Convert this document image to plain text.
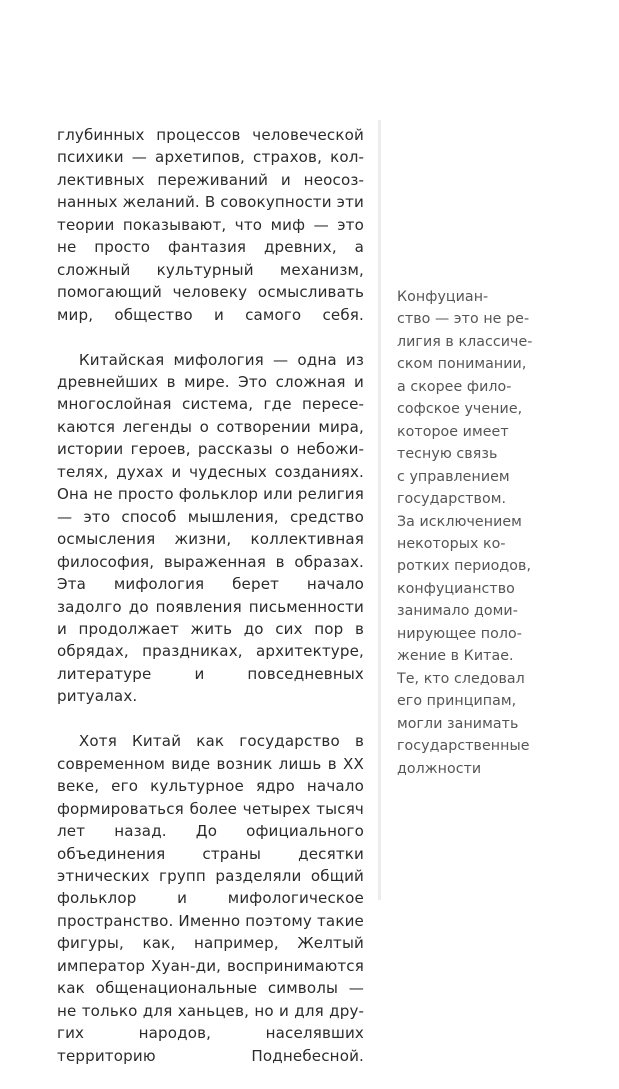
глубинных процессов человеческой психики — архетипов, страхов, коллективных переживаний и неосознанных желаний. В совокупности эти теории показывают, что миф — это не просто фантазия древних, а сложный культурный механизм, помогающий человеку осмысливать мир, общество и самого себя.

Китайская мифология — одна из древнейших в мире. Это сложная и многослойная система, где пересекаются легенды о сотворении мира, истории героев, рассказы о небожителях, духах и чудесных созданиях. Она не просто фольклор или религия — это способ мышления, средство осмысления жизни, коллективная философия, выраженная в образах. Эта мифология берет начало задолго до появления письменности и продолжает жить до сих пор в обрядах, праздниках, архитектуре, литературе и повседневных ритуалах.

Хотя Китай как государство в современном виде возник лишь в XX веке, его культурное ядро начало формироваться более четырех тысяч лет назад. До официального объединения страны десятки этнических групп разделяли общий фольклор и мифологическое пространство. Именно поэтому такие фигуры, как, например, Желтый император Хуан-ди, воспринимаются как общенациональные символы — не только для ханьцев, но и для других народов, населявших территорию Поднебесной.

Конфуциан-
ство — это не ре-
лигия в классиче-
ском понимании,
а скорее фило-
софское учение,
которое имеет
тесную связь
с управлением
государством.
За исключением
некоторых ко-
ротких периодов,
конфуцианство
занимало доми-
нирующее поло-
жение в Китае.
Те, кто следовал
его принципам,
могли занимать
государственные
должности
